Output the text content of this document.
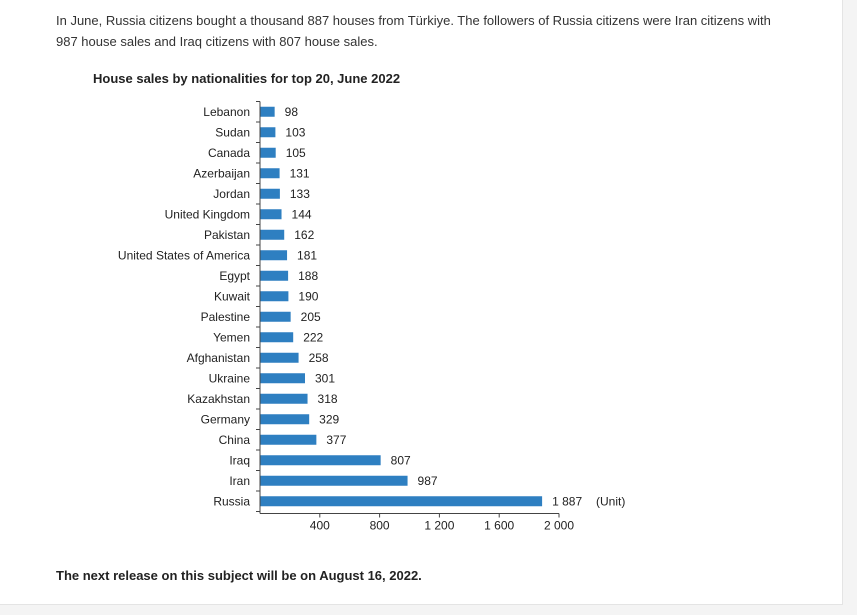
In June, Russia citizens bought a thousand 887 houses from Türkiye. The followers of Russia citizens were Iran citizens with 987 house sales and Iraq citizens with 807 house sales.

House sales by nationalities for top 20, June 2022

Lebanon	98
Sudan	103
Canada	105
Azerbaijan	131
Jordan	133
United Kingdom	144
Pakistan	162
United States of America	181
Egypt	188
Kuwait	190
Palestine	205
Yemen	222
Afghanistan	258
Ukraine	301
Kazakhstan	318
Germany	329
China	377
Iraq	807
Iran	987
Russia	1 887
400	800	1 200 1 600 2 000
(Unit)

The next release on this subject will be on August 16, 2022.
